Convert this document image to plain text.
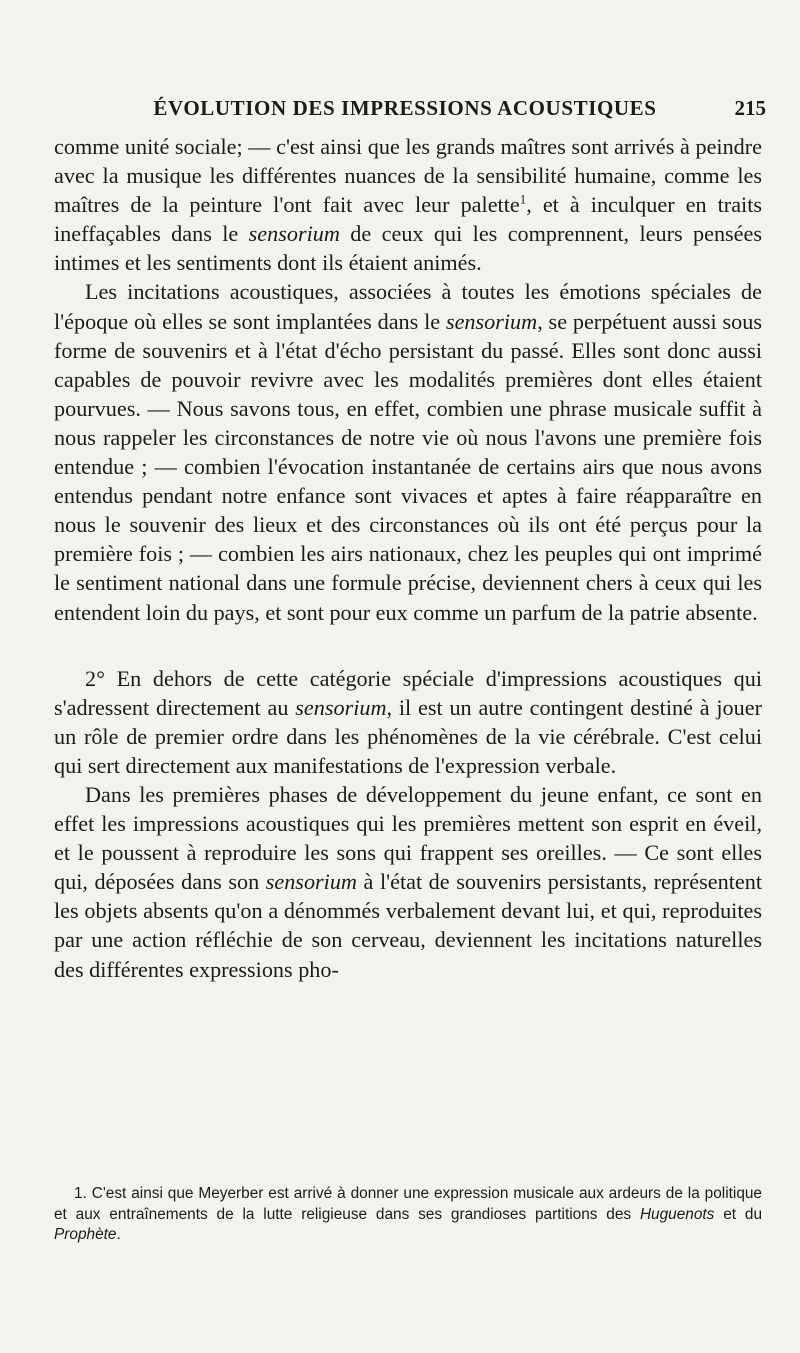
ÉVOLUTION DES IMPRESSIONS ACOUSTIQUES	215

comme unité sociale; — c'est ainsi que les grands maîtres sont arrivés à peindre avec la musique les différentes nuances de la sensibilité humaine, comme les maîtres de la peinture l'ont fait avec leur palette$^1$, et à inculquer en traits ineffaçables dans le sensorium de ceux qui les comprennent, leurs pensées intimes et les sentiments dont ils étaient animés.

Les incitations acoustiques, associées à toutes les émotions spéciales de l'époque où elles se sont implantées dans le sensorium, se perpétuent aussi sous forme de souvenirs et à l'état d'écho persistant du passé. Elles sont donc aussi capables de pouvoir revivre avec les modalités premières dont elles étaient pourvues. — Nous savons tous, en effet, combien une phrase musicale suffit à nous rappeler les circonstances de notre vie où nous l'avons une première fois entendue ; — combien l'évocation instantanée de certains airs que nous avons entendus pendant notre enfance sont vivaces et aptes à faire réapparaître en nous le souvenir des lieux et des circonstances où ils ont été perçus pour la première fois ; — combien les airs nationaux, chez les peuples qui ont imprimé le sentiment national dans une formule précise, deviennent chers à ceux qui les entendent loin du pays, et sont pour eux comme un parfum de la patrie absente.

2° En dehors de cette catégorie spéciale d'impressions acoustiques qui s'adressent directement au sensorium, il est un autre contingent destiné à jouer un rôle de premier ordre dans les phénomènes de la vie cérébrale. C'est celui qui sert directement aux manifestations de l'expression verbale.

Dans les premières phases de développement du jeune enfant, ce sont en effet les impressions acoustiques qui les premières mettent son esprit en éveil, et le poussent à reproduire les sons qui frappent ses oreilles. — Ce sont elles qui, déposées dans son sensorium à l'état de souvenirs persistants, représentent les objets absents qu'on a dénommés verbalement devant lui, et qui, reproduites par une action réfléchie de son cerveau, deviennent les incitations naturelles des différentes expressions pho-

1. C'est ainsi que Meyerber est arrivé à donner une expression musicale aux ardeurs de la politique et aux entraînements de la lutte religieuse dans ses grandioses partitions des Huguenots et du Prophète.
